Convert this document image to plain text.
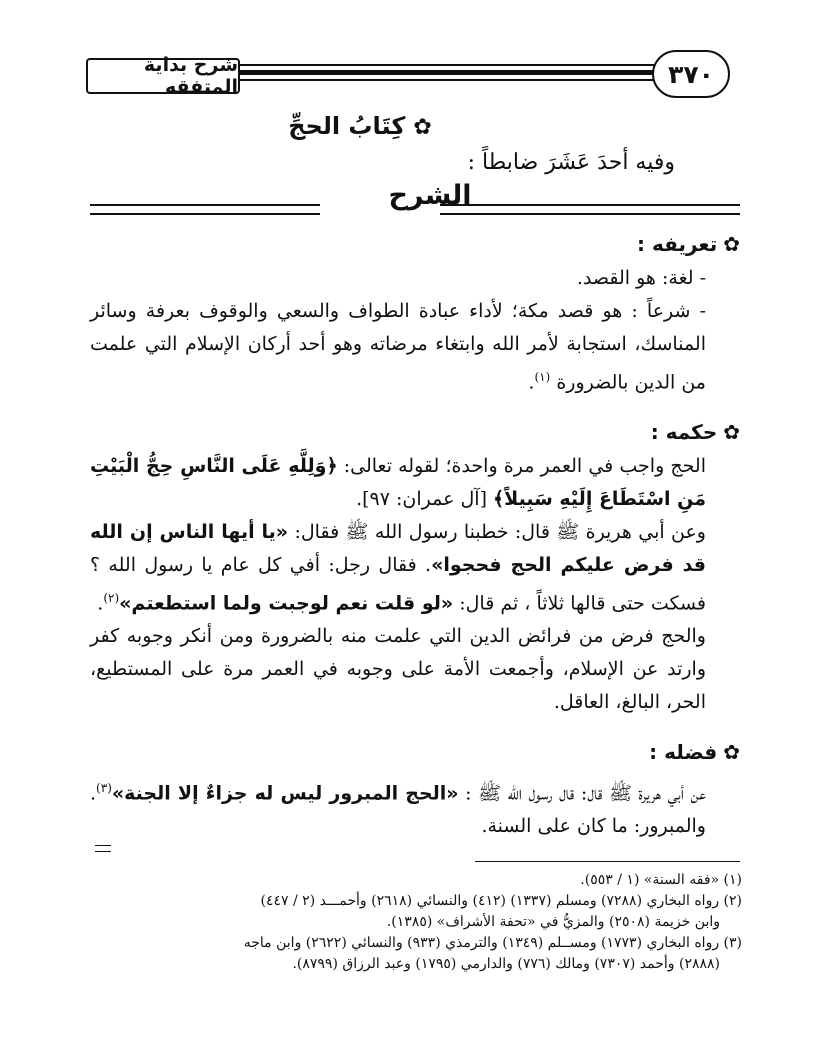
شرح بداية المتفقه	٣٧٠
✿كِتَابُ الحجِّ
وفيه أحدَ عَشَرَ ضابطاً :
الشرح
✿تعريفه :

- لغة: هو القصد.

- شرعاً : هو قصد مكة؛ لأداء عبادة الطواف والسعي والوقوف بعرفة وسائر المناسك، استجابة لأمر الله وابتغاء مرضاته وهو أحد أركان الإسلام التي علمت من الدين بالضرورة $^{(١)}$.

✿حكمه :

الحج واجب في العمر مرة واحدة؛ لقوله تعالى: ﴿وَلِلَّهِ عَلَى النَّاسِ حِجُّ الْبَيْتِ مَنِ اسْتَطَاعَ إِلَيْهِ سَبِيلاً﴾ [آل عمران: ٩٧].

وعن أبي هريرة ﷺ قال: خطبنا رسول الله ﷺ فقال: «يا أيها الناس إن الله قد فرض عليكم الحج فحجوا». فقال رجل: أفي كل عام يا رسول الله ؟ فسكت حتى قالها ثلاثاً ، ثم قال: «لو قلت نعم لوجبت ولما استطعتم»$^{(٢)}$.

والحج فرض من فرائض الدين التي علمت منه بالضرورة ومن أنكر وجوبه كفر وارتد عن الإسلام، وأجمعت الأمة على وجوبه في العمر مرة على المستطيع، الحر، البالغ، العاقل.

✿فضله :

عن أبي هريرة ﷺ قال: قال رسول الله ﷺ : «الحج المبرور ليس له جزاءٌ إلا الجنة»$^{(٣)}$. والمبرور: ما كان على السنة.

(١) «فقه السنة» (١ / ٥٥٣).

(٢) رواه البخاري (٧٢٨٨) ومسلم (١٣٣٧) (٤١٢) والنسائي (٢٦١٨) وأحمـــد (٢ / ٤٤٧)

وابن خزيمة (٢٥٠٨) والمزيُّ في «تحفة الأشراف» (١٣٨٥).

(٣) رواه البخاري (١٧٧٣) ومســلم (١٣٤٩) والترمذي (٩٣٣) والنسائي (٢٦٢٢) وابن ماجه

(٢٨٨٨) وأحمد (٧٣٠٧) ومالك (٧٧٦) والدارمي (١٧٩٥) وعبد الرزاق (٨٧٩٩).
